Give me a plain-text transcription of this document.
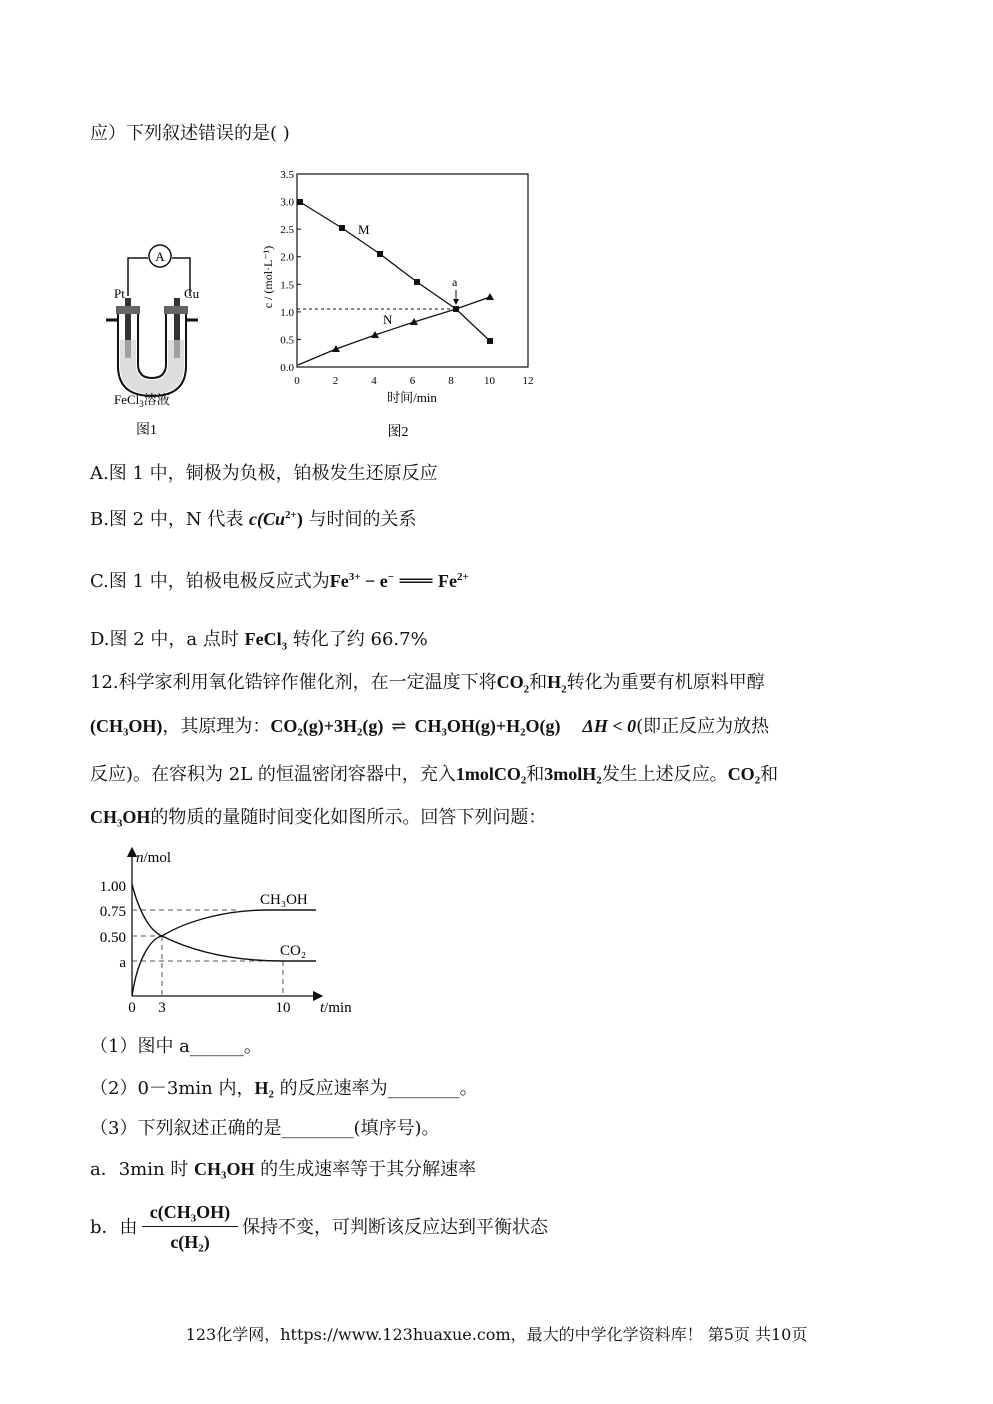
应）下列叙述错误的是( )
A
Pt	Cu
FeCl$_3$溶液
图1
0.0
0.5
1.0
1.5
2.0
2.5
3.0
3.5
0	2	4	6	8	10	12
M
N
a
c / (mol·L⁻¹)
时间/min
图2
A.图 1 中，铜极为负极，铂极发生还原反应
B.图 2 中，N 代表 $c(Cu^{2+})$ 与时间的关系
C.图 1 中，铂极电极反应式为$Fe^{3+} - e^-$ ═══ $Fe^{2+}$
D.图 2 中，a 点时 FeCl$_3$ 转化了约 66.7%
12.科学家利用氧化锆锌作催化剂，在一定温度下将$CO_2$和$H_2$转化为重要有机原料甲醇
(CH₃OH)，其原理为：CO₂(g)+3H₂(g) ⇌ CH₃OH(g)+H₂O(g) ΔH < 0(即正反应为放热
反应)。在容积为 2L 的恒温密闭容器中，充入1molCO₂和3molH₂发生上述反应。CO₂和
CH₃OH的物质的量随时间变化如图所示。回答下列问题：
n/mol
t/min
1.00
0.75
0.50
a
0 3	10
CH₃OH
CO₂
（1）图中 a______。
（2）0－3min 内，H₂ 的反应速率为________。
（3）下列叙述正确的是________(填序号)。
a．3min 时 CH₃OH 的生成速率等于其分解速率
b．由
c(CH₃OH)
c(H₂)
保持不变，可判断该反应达到平衡状态
123化学网，https://www.123huaxue.com，最大的中学化学资料库！ 第5页 共10页
